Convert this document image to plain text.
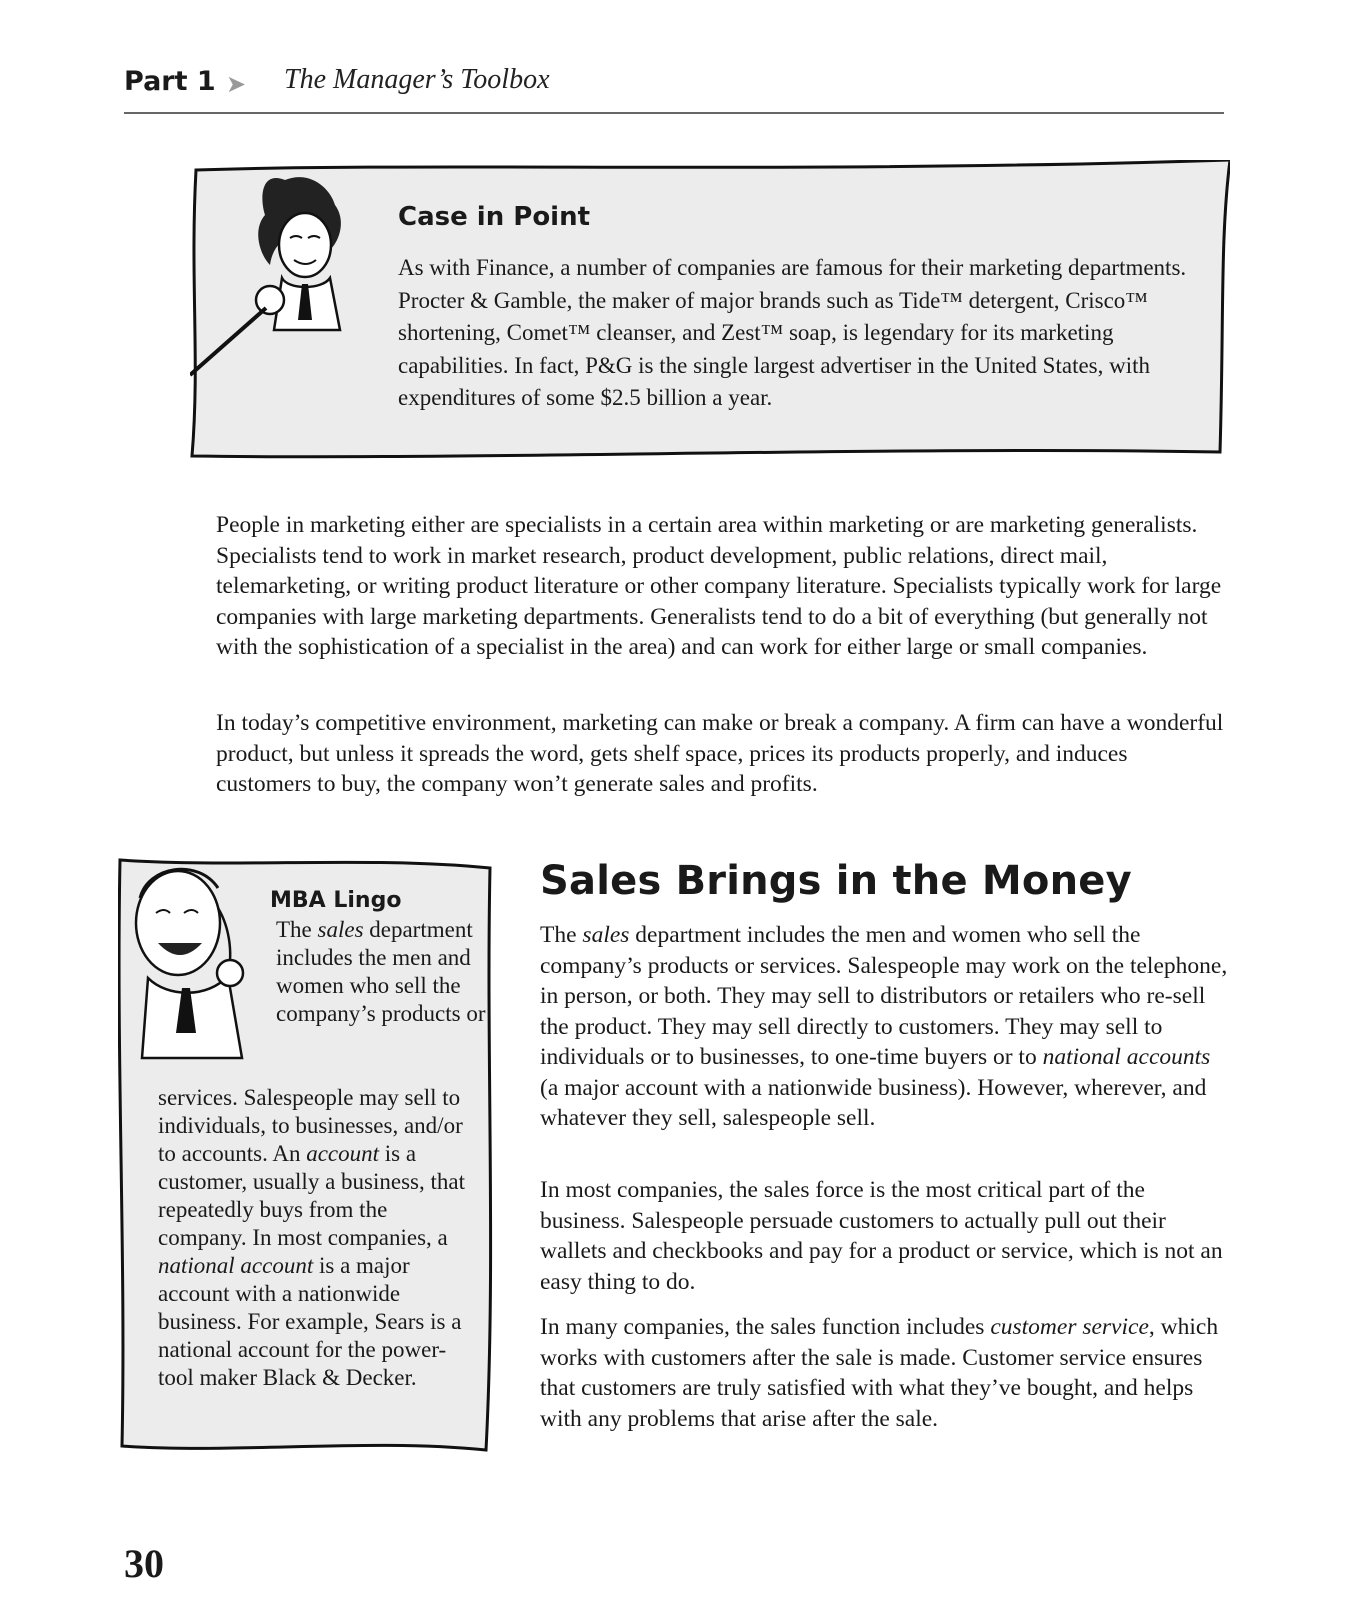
Part 1 ➤ The Manager’s Toolbox
Case in Point

As with Finance, a number of companies are famous for their marketing departments. Procter & Gamble, the maker of major brands such as Tide™ detergent, Crisco™ shortening, Comet™ cleanser, and Zest™ soap, is legendary for its marketing capabilities. In fact, P&G is the single largest advertiser in the United States, with expenditures of some $2.5 billion a year.

People in marketing either are specialists in a certain area within marketing or are marketing generalists. Specialists tend to work in market research, product development, public relations, direct mail, telemarketing, or writing product literature or other company literature. Specialists typically work for large companies with large marketing departments. Generalists tend to do a bit of everything (but generally not with the sophistication of a specialist in the area) and can work for either large or small companies.

In today’s competitive environment, marketing can make or break a company. A firm can have a wonderful product, but unless it spreads the word, gets shelf space, prices its products properly, and induces customers to buy, the company won’t generate sales and profits.

MBA Lingo

The sales department includes the men and women who sell the company’s products or

services. Salespeople may sell to individuals, to businesses, and/or to accounts. An account is a customer, usually a business, that repeatedly buys from the company. In most companies, a national account is a major account with a nationwide business. For example, Sears is a national account for the power-tool maker Black & Decker.

Sales Brings in the Money

The sales department includes the men and women who sell the company’s products or services. Salespeople may work on the telephone, in person, or both. They may sell to distributors or retailers who re-sell the product. They may sell directly to customers. They may sell to individuals or to businesses, to one-time buyers or to national accounts (a major account with a nationwide business). However, wherever, and whatever they sell, salespeople sell.

In most companies, the sales force is the most critical part of the business. Salespeople persuade customers to actually pull out their wallets and checkbooks and pay for a product or service, which is not an easy thing to do.

In many companies, the sales function includes customer service, which works with customers after the sale is made. Customer service ensures that customers are truly satisfied with what they’ve bought, and helps with any problems that arise after the sale.

30
